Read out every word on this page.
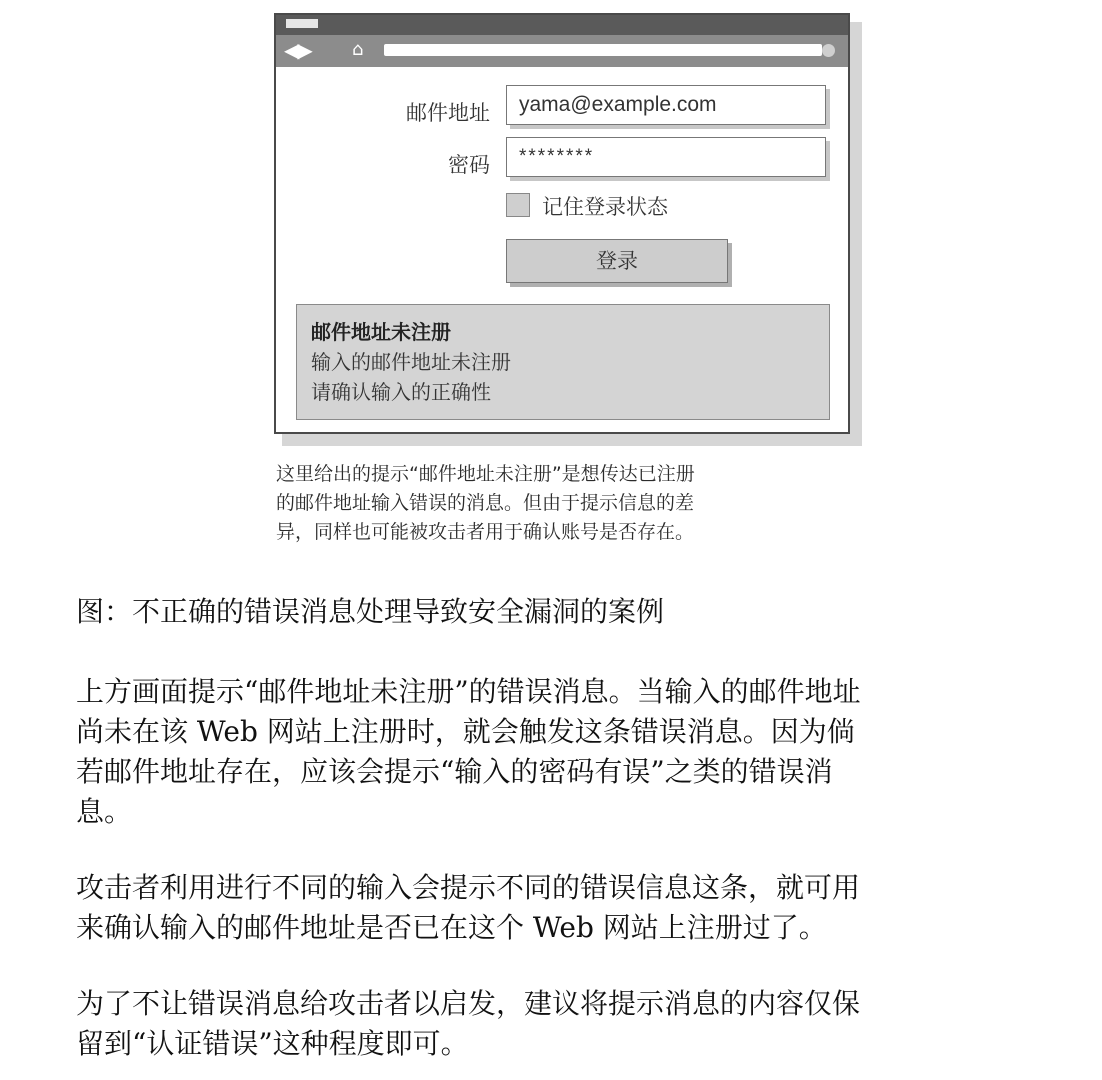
◀▶ ⌂
邮件地址	yama@example.com
密码	********
记住登录状态
登录
邮件地址未注册
输入的邮件地址未注册
请确认输入的正确性
这里给出的提示“邮件地址未注册”是想传达已注册
的邮件地址输入错误的消息。但由于提示信息的差
异，同样也可能被攻击者用于确认账号是否存在。
图：不正确的错误消息处理导致安全漏洞的案例
上方画面提示“邮件地址未注册”的错误消息。当输入的邮件地址
尚未在该 Web 网站上注册时，就会触发这条错误消息。因为倘
若邮件地址存在，应该会提示“输入的密码有误”之类的错误消
息。
攻击者利用进行不同的输入会提示不同的错误信息这条，就可用
来确认输入的邮件地址是否已在这个 Web 网站上注册过了。
为了不让错误消息给攻击者以启发，建议将提示消息的内容仅保
留到“认证错误”这种程度即可。
